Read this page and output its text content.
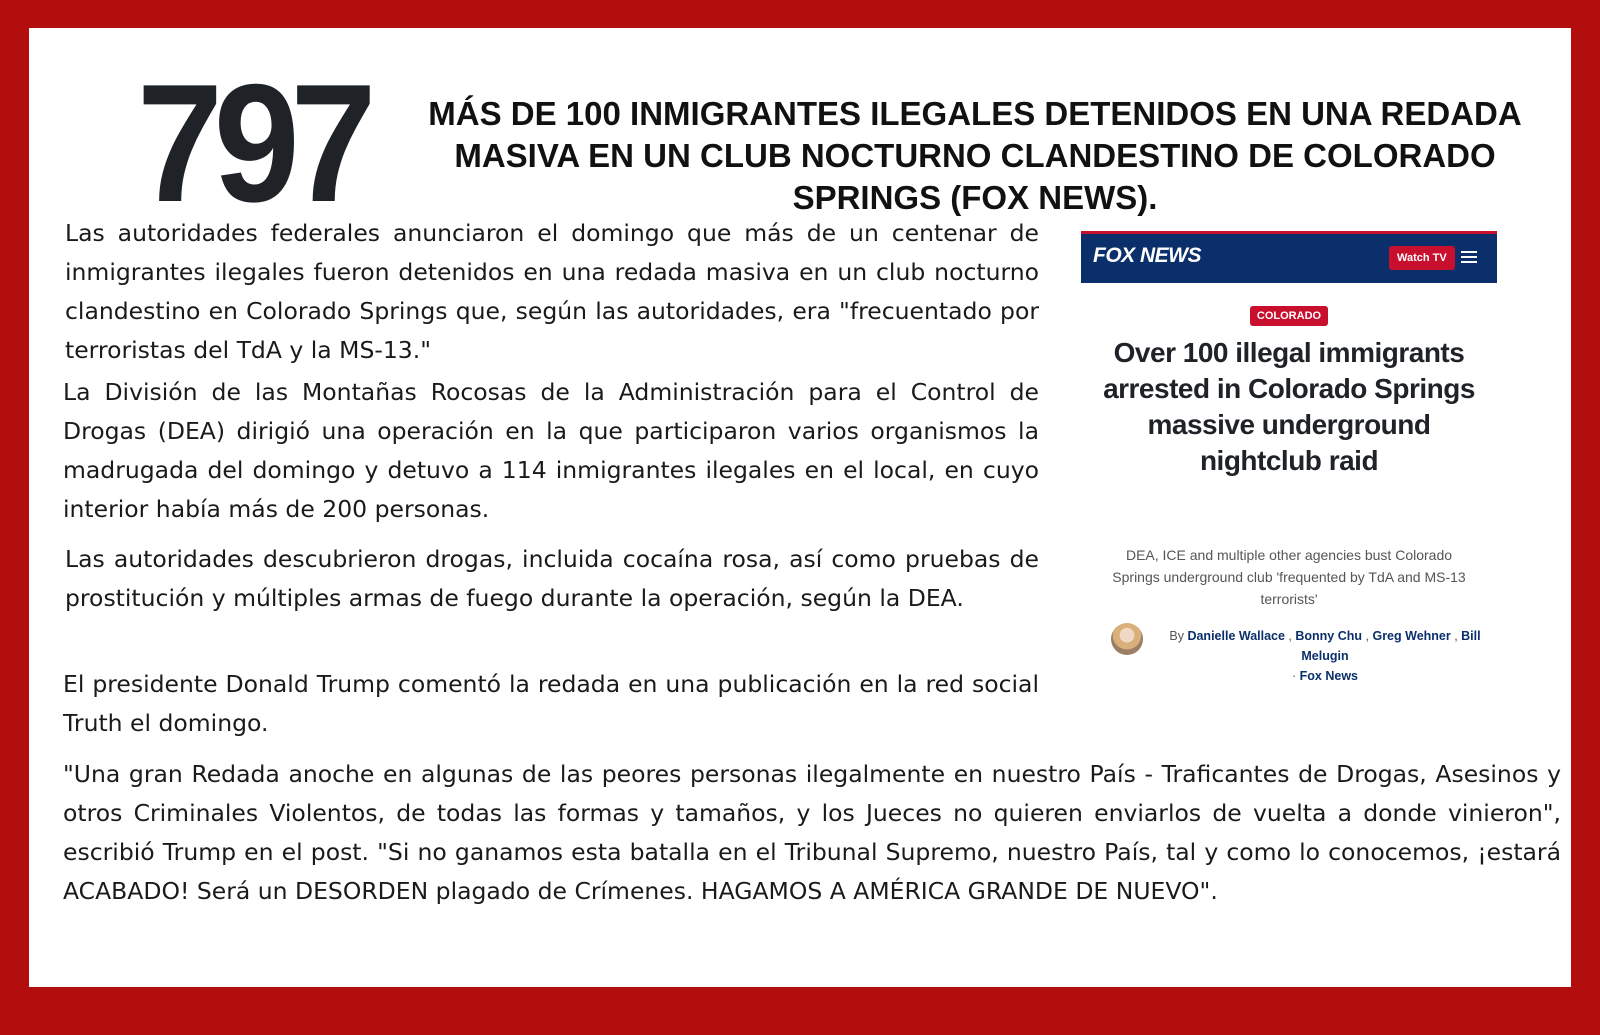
797	MÁS DE 100 INMIGRANTES ILEGALES DETENIDOS EN UNA REDADA MASIVA EN UN CLUB NOCTURNO CLANDESTINO DE COLORADO SPRINGS (FOX NEWS).

Las autoridades federales anunciaron el domingo que más de un centenar de inmigrantes ilegales fueron detenidos en una redada masiva en un club nocturno clandestino en Colorado Springs que, según las autoridades, era "frecuentado por terroristas del TdA y la MS-13."

La División de las Montañas Rocosas de la Administración para el Control de Drogas (DEA) dirigió una operación en la que participaron varios organismos la madrugada del domingo y detuvo a 114 inmigrantes ilegales en el local, en cuyo interior había más de 200 personas.

Las autoridades descubrieron drogas, incluida cocaína rosa, así como pruebas de prostitución y múltiples armas de fuego durante la operación, según la DEA.

El presidente Donald Trump comentó la redada en una publicación en la red social Truth el domingo.

"Una gran Redada anoche en algunas de las peores personas ilegalmente en nuestro País - Traficantes de Drogas, Asesinos y otros Criminales Violentos, de todas las formas y tamaños, y los Jueces no quieren enviarlos de vuelta a donde vinieron", escribió Trump en el post. "Si no ganamos esta batalla en el Tribunal Supremo, nuestro País, tal y como lo conocemos, ¡estará ACABADO! Será un DESORDEN plagado de Crímenes. HAGAMOS A AMÉRICA GRANDE DE NUEVO".

FOX NEWS	Watch TV
COLORADO
Over 100 illegal immigrants arrested in Colorado Springs massive underground nightclub raid
DEA, ICE and multiple other agencies bust Colorado Springs underground club 'frequented by TdA and MS-13 terrorists'
By Danielle Wallace , Bonny Chu , Greg Wehner , Bill Melugin
· Fox News
